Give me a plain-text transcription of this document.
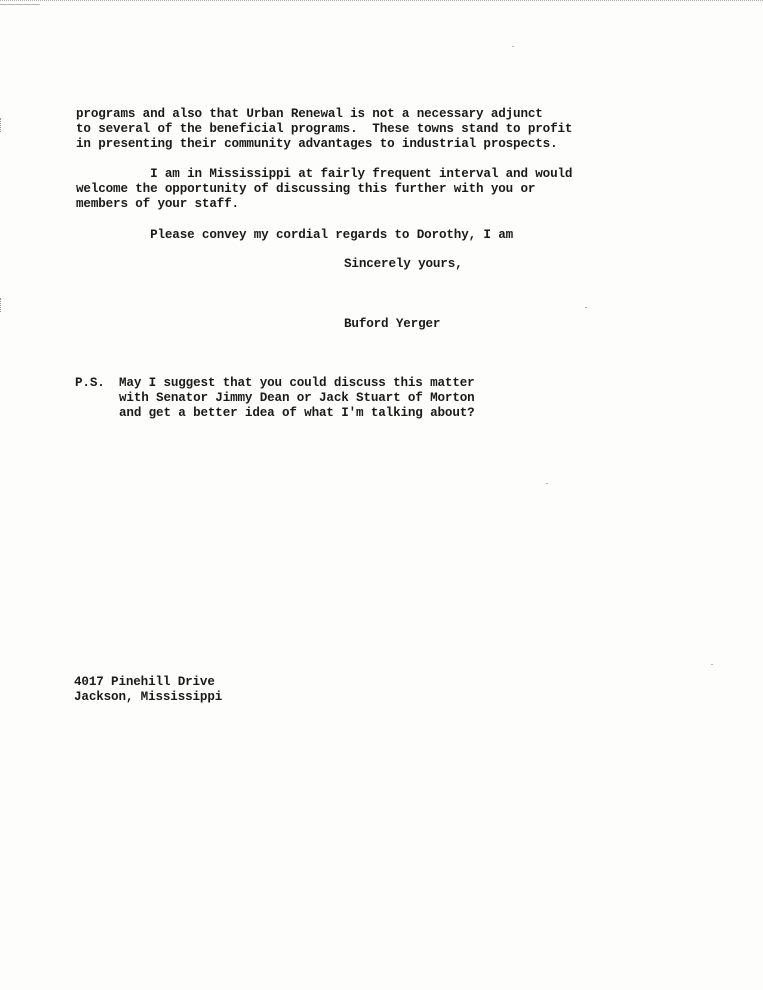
programs and also that Urban Renewal is not a necessary adjunct
to several of the beneficial programs.  These towns stand to profit
in presenting their community advantages to industrial prospects.
I am in Mississippi at fairly frequent interval and would
welcome the opportunity of discussing this further with you or
members of your staff.
Please convey my cordial regards to Dorothy, I am
Sincerely yours,
Buford Yerger
P.S. May I suggest that you could discuss this matter
with Senator Jimmy Dean or Jack Stuart of Morton
and get a better idea of what I'm talking about?
4017 Pinehill Drive
Jackson, Mississippi
